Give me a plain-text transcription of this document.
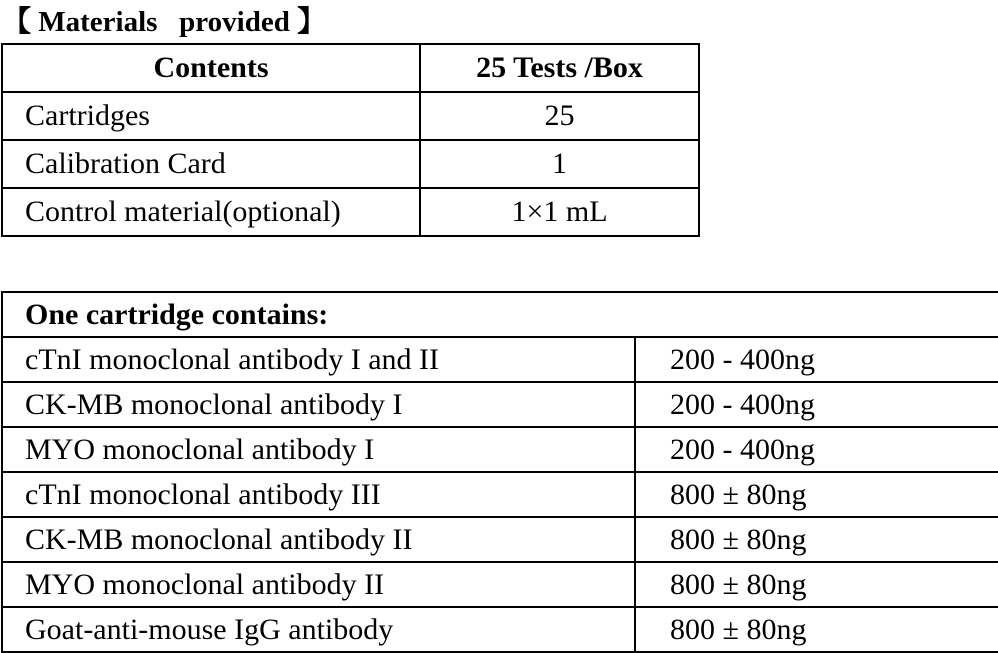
【 Materials   provided 】
Contents	25 Tests /Box
Cartridges	25
Calibration Card	1
Control material(optional)	1×1 mL
One cartridge contains:	
cTnI monoclonal antibody I and II	200 - 400ng
CK-MB monoclonal antibody I	200 - 400ng
MYO monoclonal antibody I	200 - 400ng
cTnI monoclonal antibody III	800 ± 80ng
CK-MB monoclonal antibody II	800 ± 80ng
MYO monoclonal antibody II	800 ± 80ng
Goat-anti-mouse IgG antibody	800 ± 80ng
